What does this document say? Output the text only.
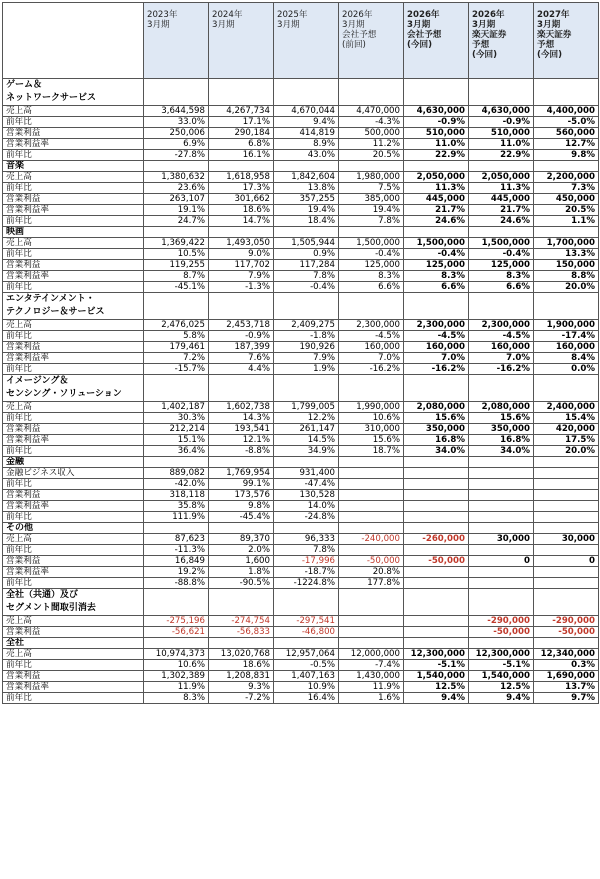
	2023年
3月期	2024年
3月期	2025年
3月期	2026年
3月期
会社予想
(前回)	2026年
3月期
会社予想
(今回)	2026年
3月期
楽天証券
予想
(今回)	2027年
3月期
楽天証券
予想
(今回)

ゲーム＆
ネットワークサービス							

売上高	3,644,598	4,267,734	4,670,044	4,470,000	4,630,000	4,630,000	4,400,000
前年比	33.0%	17.1%	9.4%	-4.3%	-0.9%	-0.9%	-5.0%
営業利益	250,006	290,184	414,819	500,000	510,000	510,000	560,000
営業利益率	6.9%	6.8%	8.9%	11.2%	11.0%	11.0%	12.7%
前年比	-27.8%	16.1%	43.0%	20.5%	22.9%	22.9%	9.8%

音楽							

売上高	1,380,632	1,618,958	1,842,604	1,980,000	2,050,000	2,050,000	2,200,000
前年比	23.6%	17.3%	13.8%	7.5%	11.3%	11.3%	7.3%
営業利益	263,107	301,662	357,255	385,000	445,000	445,000	450,000
営業利益率	19.1%	18.6%	19.4%	19.4%	21.7%	21.7%	20.5%
前年比	24.7%	14.7%	18.4%	7.8%	24.6%	24.6%	1.1%

映画							

売上高	1,369,422	1,493,050	1,505,944	1,500,000	1,500,000	1,500,000	1,700,000
前年比	10.5%	9.0%	0.9%	-0.4%	-0.4%	-0.4%	13.3%
営業利益	119,255	117,702	117,284	125,000	125,000	125,000	150,000
営業利益率	8.7%	7.9%	7.8%	8.3%	8.3%	8.3%	8.8%
前年比	-45.1%	-1.3%	-0.4%	6.6%	6.6%	6.6%	20.0%

エンタテインメント・
テクノロジー＆サービス							

売上高	2,476,025	2,453,718	2,409,275	2,300,000	2,300,000	2,300,000	1,900,000
前年比	5.8%	-0.9%	-1.8%	-4.5%	-4.5%	-4.5%	-17.4%
営業利益	179,461	187,399	190,926	160,000	160,000	160,000	160,000
営業利益率	7.2%	7.6%	7.9%	7.0%	7.0%	7.0%	8.4%
前年比	-15.7%	4.4%	1.9%	-16.2%	-16.2%	-16.2%	0.0%

イメージング＆
センシング・ソリューション							

売上高	1,402,187	1,602,738	1,799,005	1,990,000	2,080,000	2,080,000	2,400,000
前年比	30.3%	14.3%	12.2%	10.6%	15.6%	15.6%	15.4%
営業利益	212,214	193,541	261,147	310,000	350,000	350,000	420,000
営業利益率	15.1%	12.1%	14.5%	15.6%	16.8%	16.8%	17.5%
前年比	36.4%	-8.8%	34.9%	18.7%	34.0%	34.0%	20.0%

金融							

金融ビジネス収入	889,082	1,769,954	931,400				
前年比	-42.0%	99.1%	-47.4%				
営業利益	318,118	173,576	130,528				
営業利益率	35.8%	9.8%	14.0%				
前年比	111.9%	-45.4%	-24.8%				

その他							

売上高	87,623	89,370	96,333	-240,000	-260,000	30,000	30,000
前年比	-11.3%	2.0%	7.8%				
営業利益	16,849	1,600	-17,996	-50,000	-50,000	0	0
営業利益率	19.2%	1.8%	-18.7%	20.8%			
前年比	-88.8%	-90.5%	-1224.8%	177.8%			

全社（共通）及び
セグメント間取引消去							

売上高	-275,196	-274,754	-297,541			-290,000	-290,000
営業利益	-56,621	-56,833	-46,800			-50,000	-50,000

全社							

売上高	10,974,373	13,020,768	12,957,064	12,000,000	12,300,000	12,300,000	12,340,000
前年比	10.6%	18.6%	-0.5%	-7.4%	-5.1%	-5.1%	0.3%
営業利益	1,302,389	1,208,831	1,407,163	1,430,000	1,540,000	1,540,000	1,690,000
営業利益率	11.9%	9.3%	10.9%	11.9%	12.5%	12.5%	13.7%
前年比	8.3%	-7.2%	16.4%	1.6%	9.4%	9.4%	9.7%
